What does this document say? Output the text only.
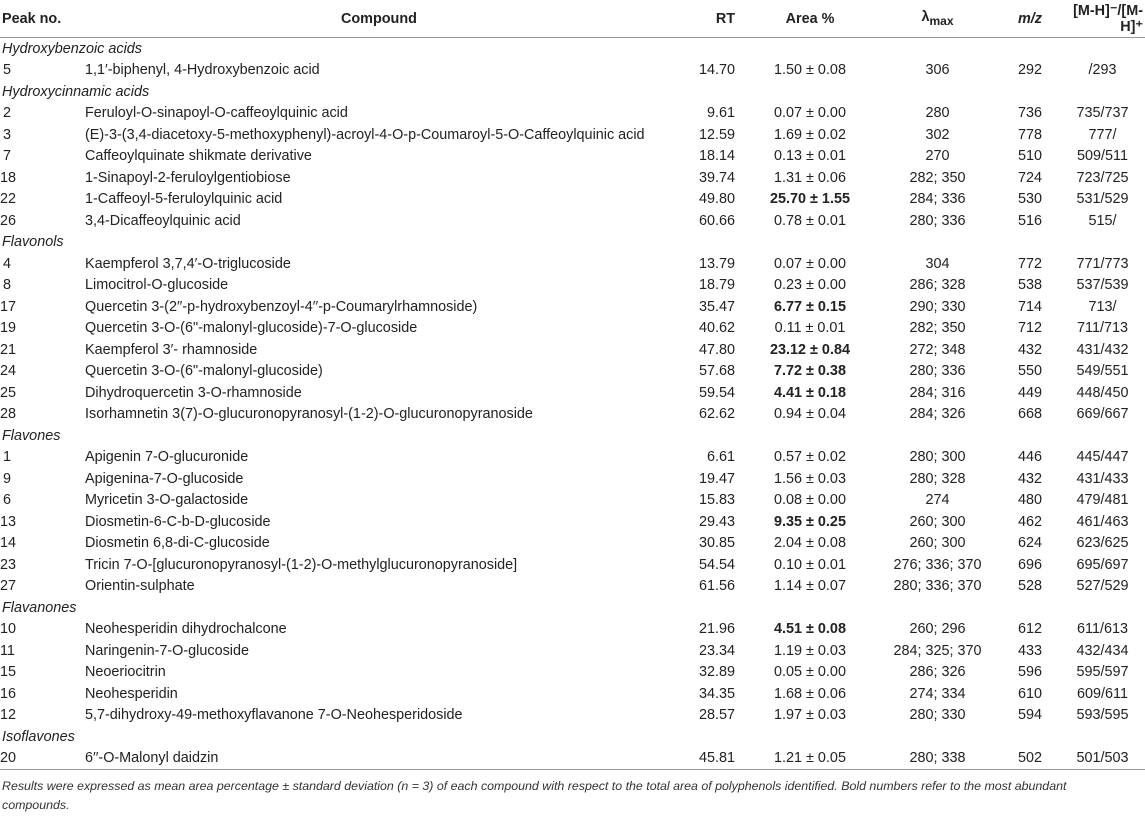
Peak no.	Compound	RT	Area %	$\lambda_{max}$	m/z	[M-H]⁻/[M-H]⁺
Hydroxybenzoic acids						
5	1,1′-biphenyl, 4-Hydroxybenzoic acid	14.70	1.50 ± 0.08	306	292	/293
Hydroxycinnamic acids						
2	Feruloyl-O-sinapoyl-O-caffeoylquinic acid	9.61	0.07 ± 0.00	280	736	735/737
3	(E)-3-(3,4-diacetoxy-5-methoxyphenyl)-acroyl-4-O-p-Coumaroyl-5-O-Caffeoylquinic acid	12.59	1.69 ± 0.02	302	778	777/
7	Caffeoylquinate shikmate derivative	18.14	0.13 ± 0.01	270	510	509/511
18	1-Sinapoyl-2-feruloylgentiobiose	39.74	1.31 ± 0.06	282; 350	724	723/725
22	1-Caffeoyl-5-feruloylquinic acid	49.80	25.70 ± 1.55	284; 336	530	531/529
26	3,4-Dicaffeoylquinic acid	60.66	0.78 ± 0.01	280; 336	516	515/
Flavonols						
4	Kaempferol 3,7,4′-O-triglucoside	13.79	0.07 ± 0.00	304	772	771/773
8	Limocitrol-O-glucoside	18.79	0.23 ± 0.00	286; 328	538	537/539
17	Quercetin 3-(2′′-p-hydroxybenzoyl-4′′-p-Coumarylrhamnoside)	35.47	6.77 ± 0.15	290; 330	714	713/
19	Quercetin 3-O-(6"-malonyl-glucoside)-7-O-glucoside	40.62	0.11 ± 0.01	282; 350	712	711/713
21	Kaempferol 3′- rhamnoside	47.80	23.12 ± 0.84	272; 348	432	431/432
24	Quercetin 3-O-(6"-malonyl-glucoside)	57.68	7.72 ± 0.38	280; 336	550	549/551
25	Dihydroquercetin 3-O-rhamnoside	59.54	4.41 ± 0.18	284; 316	449	448/450
28	Isorhamnetin 3(7)-O-glucuronopyranosyl-(1-2)-O-glucuronopyranoside	62.62	0.94 ± 0.04	284; 326	668	669/667
Flavones						
1	Apigenin 7-O-glucuronide	6.61	0.57 ± 0.02	280; 300	446	445/447
9	Apigenina-7-O-glucoside	19.47	1.56 ± 0.03	280; 328	432	431/433
6	Myricetin 3-O-galactoside	15.83	0.08 ± 0.00	274	480	479/481
13	Diosmetin-6-C-b-D-glucoside	29.43	9.35 ± 0.25	260; 300	462	461/463
14	Diosmetin 6,8-di-C-glucoside	30.85	2.04 ± 0.08	260; 300	624	623/625
23	Tricin 7-O-[glucuronopyranosyl-(1-2)-O-methylglucuronopyranoside]	54.54	0.10 ± 0.01	276; 336; 370	696	695/697
27	Orientin-sulphate	61.56	1.14 ± 0.07	280; 336; 370	528	527/529
Flavanones						
10	Neohesperidin dihydrochalcone	21.96	4.51 ± 0.08	260; 296	612	611/613
11	Naringenin-7-O-glucoside	23.34	1.19 ± 0.03	284; 325; 370	433	432/434
15	Neoeriocitrin	32.89	0.05 ± 0.00	286; 326	596	595/597
16	Neohesperidin	34.35	1.68 ± 0.06	274; 334	610	609/611
12	5,7-dihydroxy-49-methoxyflavanone 7-O-Neohesperidoside	28.57	1.97 ± 0.03	280; 330	594	593/595
Isoflavones						
20	6′′-O-Malonyl daidzin	45.81	1.21 ± 0.05	280; 338	502	501/503
Results were expressed as mean area percentage ± standard deviation (n = 3) of each compound with respect to the total area of polyphenols identified. Bold numbers refer to the most abundant compounds.
